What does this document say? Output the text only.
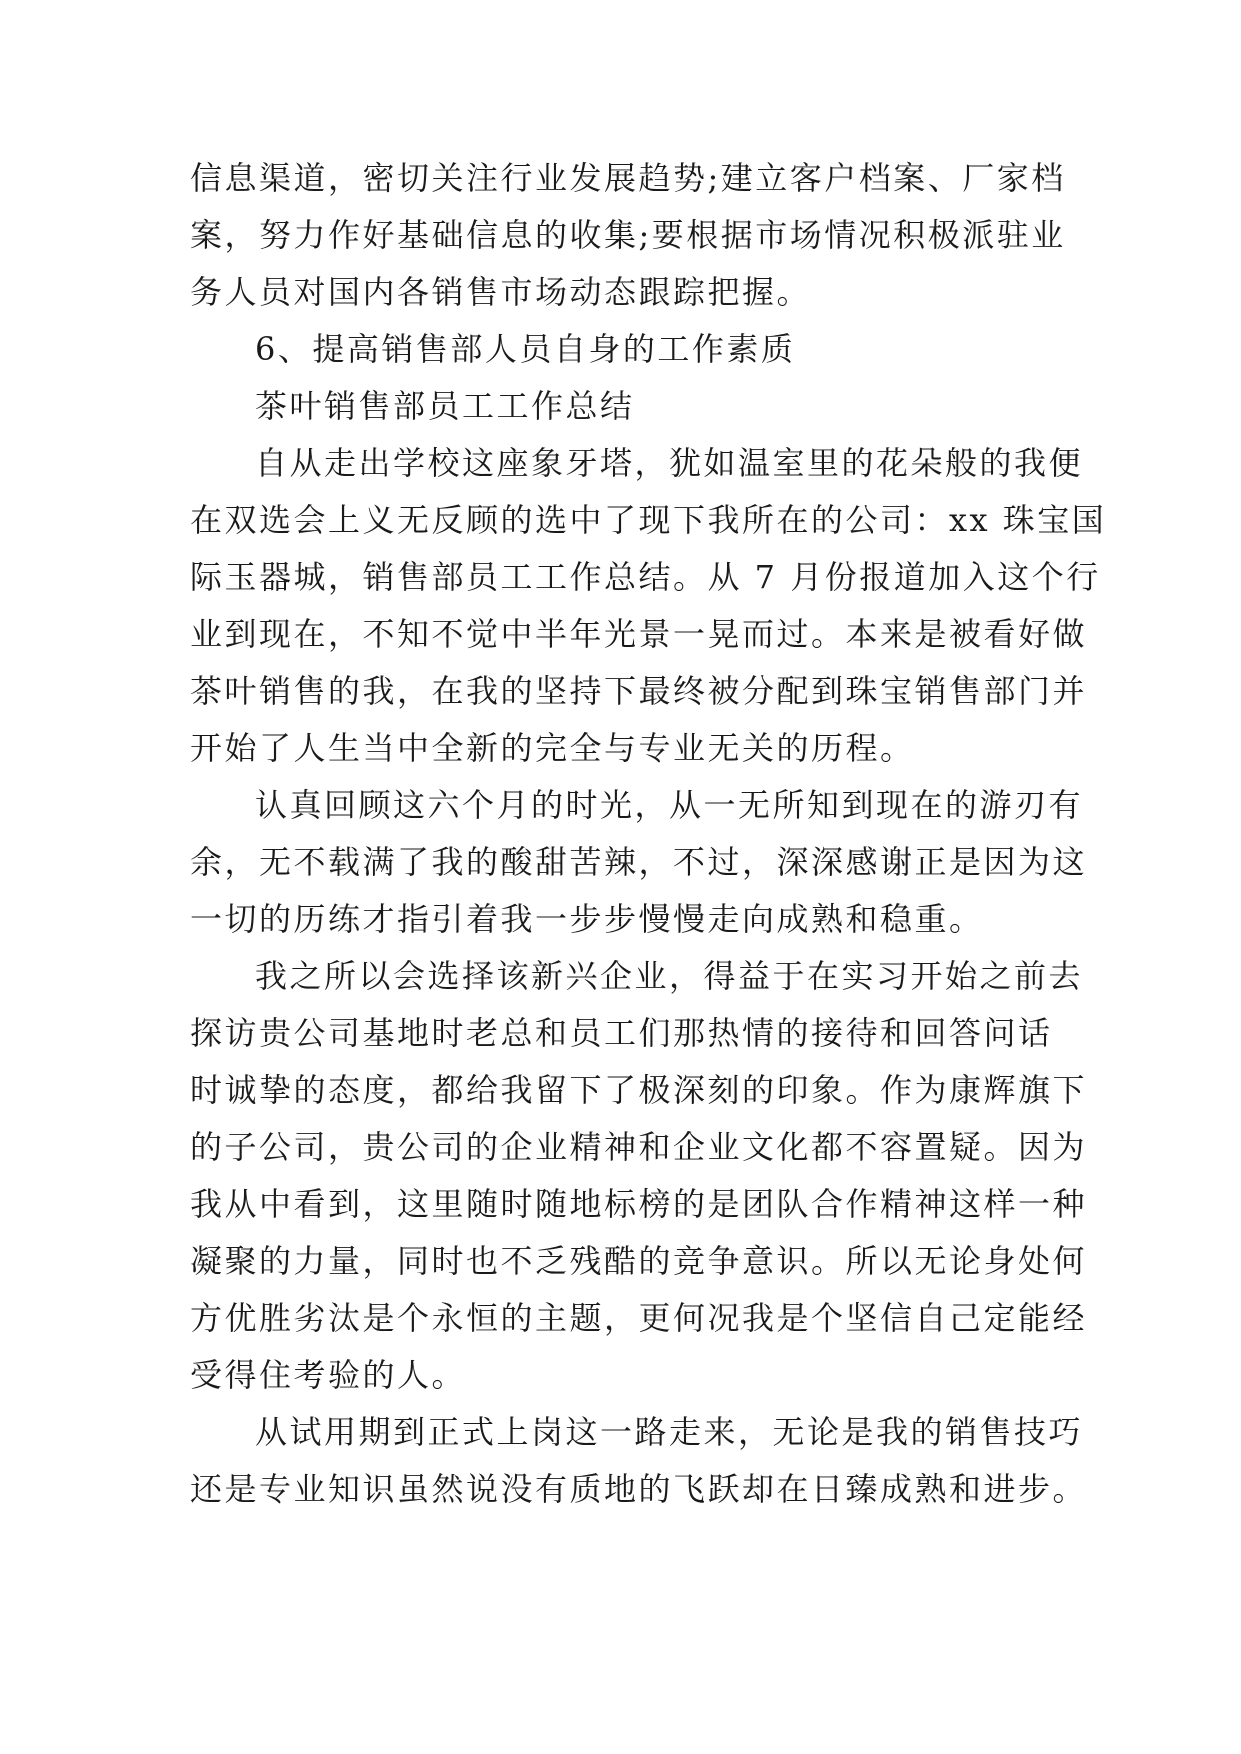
信息渠道，密切关注行业发展趋势;建立客户档案、厂家档
案，努力作好基础信息的收集;要根据市场情况积极派驻业
务人员对国内各销售市场动态跟踪把握。
6、提高销售部人员自身的工作素质
茶叶销售部员工工作总结
自从走出学校这座象牙塔，犹如温室里的花朵般的我便
在双选会上义无反顾的选中了现下我所在的公司：xx 珠宝国
际玉器城，销售部员工工作总结。从 7 月份报道加入这个行
业到现在，不知不觉中半年光景一晃而过。本来是被看好做
茶叶销售的我，在我的坚持下最终被分配到珠宝销售部门并
开始了人生当中全新的完全与专业无关的历程。
认真回顾这六个月的时光，从一无所知到现在的游刃有
余，无不载满了我的酸甜苦辣，不过，深深感谢正是因为这
一切的历练才指引着我一步步慢慢走向成熟和稳重。
我之所以会选择该新兴企业，得益于在实习开始之前去
探访贵公司基地时老总和员工们那热情的接待和回答问话
时诚挚的态度，都给我留下了极深刻的印象。作为康辉旗下
的子公司，贵公司的企业精神和企业文化都不容置疑。因为
我从中看到，这里随时随地标榜的是团队合作精神这样一种
凝聚的力量，同时也不乏残酷的竞争意识。所以无论身处何
方优胜劣汰是个永恒的主题，更何况我是个坚信自己定能经
受得住考验的人。
从试用期到正式上岗这一路走来，无论是我的销售技巧
还是专业知识虽然说没有质地的飞跃却在日臻成熟和进步。
